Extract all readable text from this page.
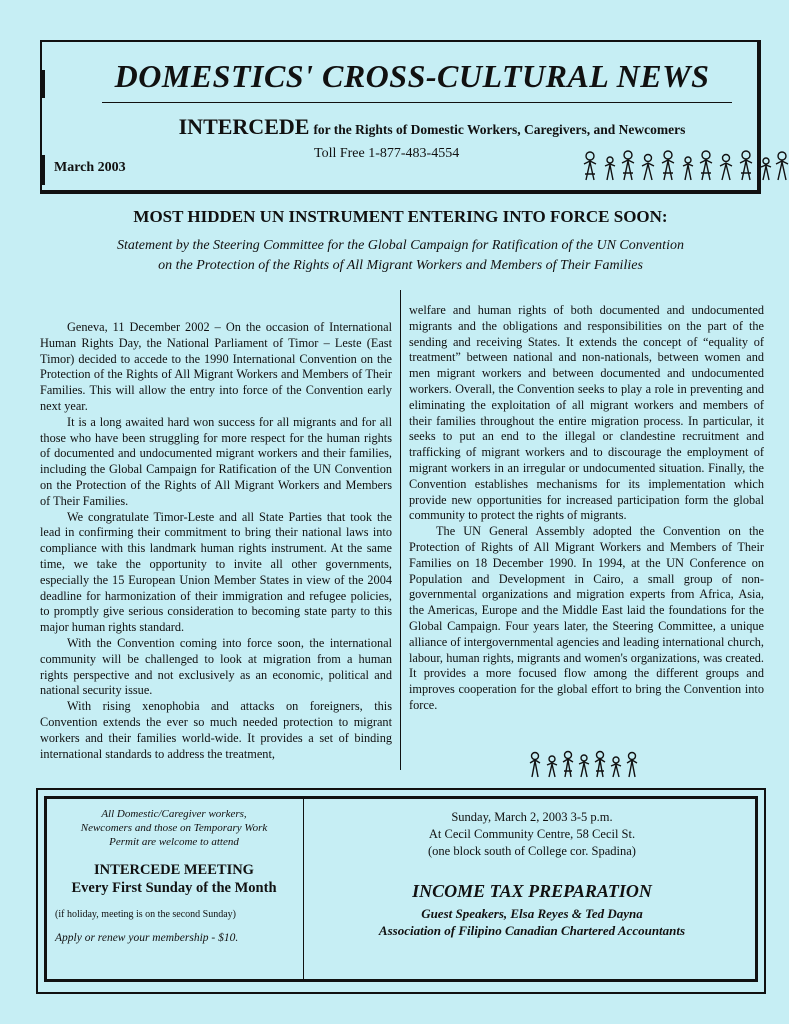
DOMESTICS' CROSS-CULTURAL NEWS
INTERCEDE for the Rights of Domestic Workers, Caregivers, and Newcomers
Toll Free 1-877-483-4554
March 2003
MOST HIDDEN UN INSTRUMENT ENTERING INTO FORCE SOON:

Statement by the Steering Committee for the Global Campaign for Ratification of the UN Convention
on the Protection of the Rights of All Migrant Workers and Members of Their Families

Geneva, 11 December 2002 – On the occasion of International Human Rights Day, the National Parliament of Timor – Leste (East Timor) decided to accede to the 1990 International Convention on the Protection of the Rights of All Migrant Workers and Members of Their Families. This will allow the entry into force of the Convention early next year.

It is a long awaited hard won success for all migrants and for all those who have been struggling for more respect for the human rights of documented and undocumented migrant workers and their families, including the Global Campaign for Ratification of the UN Convention on the Protection of the Rights of All Migrant Workers and Members of Their Families.

We congratulate Timor-Leste and all State Parties that took the lead in confirming their commitment to bring their national laws into compliance with this landmark human rights instrument. At the same time, we take the opportunity to invite all other governments, especially the 15 European Union Member States in view of the 2004 deadline for harmonization of their immigration and refugee policies, to promptly give serious consideration to becoming state party to this major human rights standard.

With the Convention coming into force soon, the international community will be challenged to look at migration from a human rights perspective and not exclusively as an economic, political and national security issue.

With rising xenophobia and attacks on foreigners, this Convention extends the ever so much needed protection to migrant workers and their families world-wide. It provides a set of binding international standards to address the treatment,

welfare and human rights of both documented and undocumented migrants and the obligations and responsibilities on the part of the sending and receiving States. It extends the concept of “equality of treatment” between national and non-nationals, between women and men migrant workers and between documented and undocumented workers. Overall, the Convention seeks to play a role in preventing and eliminating the exploitation of all migrant workers and members of their families throughout the entire migration process. In particular, it seeks to put an end to the illegal or clandestine recruitment and trafficking of migrant workers and to discourage the employment of migrant workers in an irregular or undocumented situation. Finally, the Convention establishes mechanisms for its implementation which provide new opportunities for increased participation form the global community to protect the rights of migrants.

The UN General Assembly adopted the Convention on the Protection of Rights of All Migrant Workers and Members of Their Families on 18 December 1990. In 1994, at the UN Conference on Population and Development in Cairo, a small group of non-governmental organizations and migration experts from Africa, Asia, the Americas, Europe and the Middle East laid the foundations for the Global Campaign. Four years later, the Steering Committee, a unique alliance of intergovernmental agencies and leading international church, labour, human rights, migrants and women's organizations, was created. It provides a more focused flow among the different groups and improves cooperation for the global effort to bring the Convention into force.

All Domestic/Caregiver workers,
Newcomers and those on Temporary Work
Permit are welcome to attend

INTERCEDE MEETING

Every First Sunday of the Month

(if holiday, meeting is on the second Sunday)

Apply or renew your membership - $10.

Sunday, March 2, 2003 3-5 p.m.

At Cecil Community Centre, 58 Cecil St.

(one block south of College cor. Spadina)

INCOME TAX PREPARATION

Guest Speakers, Elsa Reyes & Ted Dayna

Association of Filipino Canadian Chartered Accountants
